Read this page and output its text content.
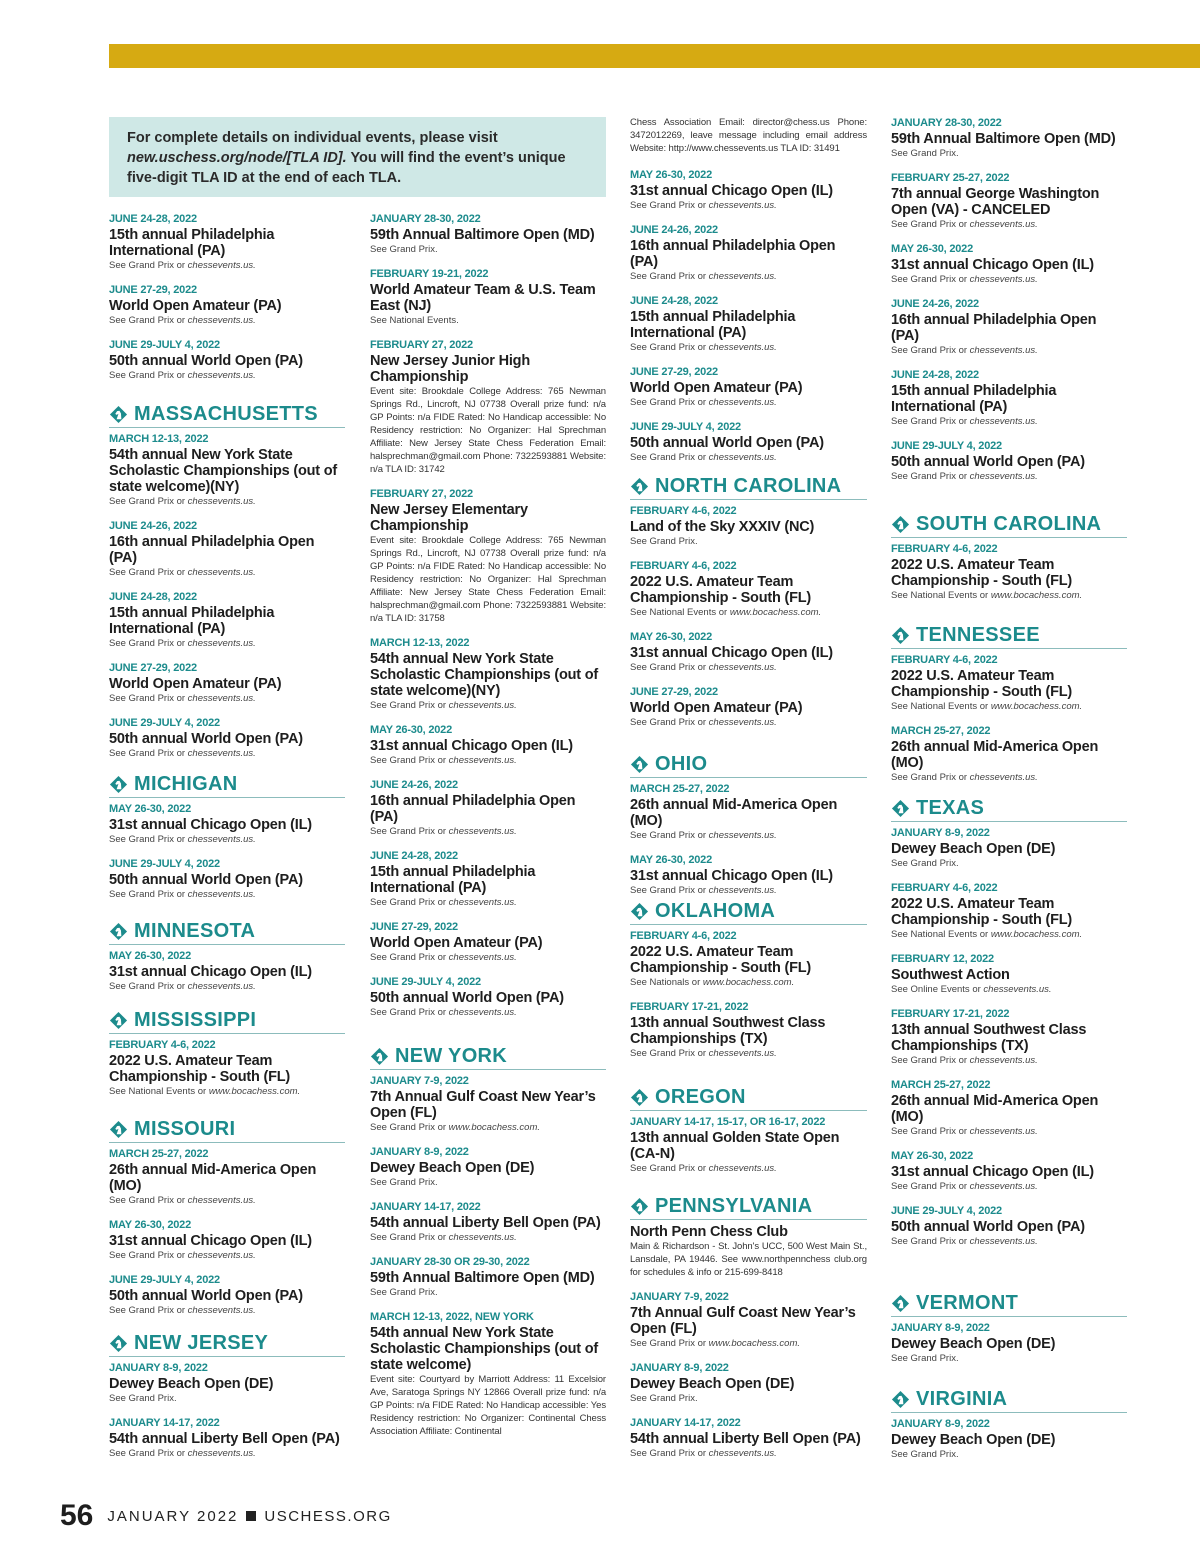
For complete details on individual events, please visit
new.uschess.org/node/[TLA ID]. You will find the event’s unique
five-digit TLA ID at the end of each TLA.
JUNE 24-28, 2022
15th annual Philadelphia International (PA)
See Grand Prix or chessevents.us.
JUNE 27-29, 2022
World Open Amateur (PA)
See Grand Prix or chessevents.us.
JUNE 29-JULY 4, 2022
50th annual World Open (PA)
See Grand Prix or chessevents.us.
MASSACHUSETTS
MARCH 12-13, 2022
54th annual New York State Scholastic Championships (out of state welcome)(NY)
See Grand Prix or chessevents.us.
JUNE 24-26, 2022
16th annual Philadelphia Open (PA)
See Grand Prix or chessevents.us.
JUNE 24-28, 2022
15th annual Philadelphia International (PA)
See Grand Prix or chessevents.us.
JUNE 27-29, 2022
World Open Amateur (PA)
See Grand Prix or chessevents.us.
JUNE 29-JULY 4, 2022
50th annual World Open (PA)
See Grand Prix or chessevents.us.
MICHIGAN
MAY 26-30, 2022
31st annual Chicago Open (IL)
See Grand Prix or chessevents.us.
JUNE 29-JULY 4, 2022
50th annual World Open (PA)
See Grand Prix or chessevents.us.
MINNESOTA
MAY 26-30, 2022
31st annual Chicago Open (IL)
See Grand Prix or chessevents.us.
MISSISSIPPI
FEBRUARY 4-6, 2022
2022 U.S. Amateur Team Championship - South (FL)
See National Events or www.bocachess.com.
MISSOURI
MARCH 25-27, 2022
26th annual Mid-America Open (MO)
See Grand Prix or chessevents.us.
MAY 26-30, 2022
31st annual Chicago Open (IL)
See Grand Prix or chessevents.us.
JUNE 29-JULY 4, 2022
50th annual World Open (PA)
See Grand Prix or chessevents.us.
NEW JERSEY
JANUARY 8-9, 2022
Dewey Beach Open (DE)
See Grand Prix.
JANUARY 14-17, 2022
54th annual Liberty Bell Open (PA)
See Grand Prix or chessevents.us.
JANUARY 28-30, 2022
59th Annual Baltimore Open (MD)
See Grand Prix.
FEBRUARY 19-21, 2022
World Amateur Team & U.S. Team East (NJ)
See National Events.
FEBRUARY 27, 2022
New Jersey Junior High Championship
Event site: Brookdale College Address: 765 Newman Springs Rd., Lincroft, NJ 07738 Overall prize fund: n/a GP Points: n/a FIDE Rated: No Handicap accessible: No Residency restriction: No Organizer: Hal Sprechman Affiliate: New Jersey State Chess Federation Email: halsprechman@gmail.com Phone: 7322593881 Website: n/a TLA ID: 31742
FEBRUARY 27, 2022
New Jersey Elementary Championship
Event site: Brookdale College Address: 765 Newman Springs Rd., Lincroft, NJ 07738 Overall prize fund: n/a GP Points: n/a FIDE Rated: No Handicap accessible: No Residency restriction: No Organizer: Hal Sprechman Affiliate: New Jersey State Chess Federation Email: halsprechman@gmail.com Phone: 7322593881 Website: n/a TLA ID: 31758
MARCH 12-13, 2022
54th annual New York State Scholastic Championships (out of state welcome)(NY)
See Grand Prix or chessevents.us.
MAY 26-30, 2022
31st annual Chicago Open (IL)
See Grand Prix or chessevents.us.
JUNE 24-26, 2022
16th annual Philadelphia Open (PA)
See Grand Prix or chessevents.us.
JUNE 24-28, 2022
15th annual Philadelphia International (PA)
See Grand Prix or chessevents.us.
JUNE 27-29, 2022
World Open Amateur (PA)
See Grand Prix or chessevents.us.
JUNE 29-JULY 4, 2022
50th annual World Open (PA)
See Grand Prix or chessevents.us.
NEW YORK
JANUARY 7-9, 2022
7th Annual Gulf Coast New Year’s Open (FL)
See Grand Prix or www.bocachess.com.
JANUARY 8-9, 2022
Dewey Beach Open (DE)
See Grand Prix.
JANUARY 14-17, 2022
54th annual Liberty Bell Open (PA)
See Grand Prix or chessevents.us.
JANUARY 28-30 OR 29-30, 2022
59th Annual Baltimore Open (MD)
See Grand Prix.
MARCH 12-13, 2022, NEW YORK
54th annual New York State Scholastic Championships (out of state welcome)
Event site: Courtyard by Marriott Address: 11 Excelsior Ave, Saratoga Springs NY 12866 Overall prize fund: n/a GP Points: n/a FIDE Rated: No Handicap accessible: Yes Residency restriction: No Organizer: Continental Chess Association Affiliate: Continental
Chess Association Email: director@chess.us Phone: 3472012269, leave message including email address Website: http://www.chessevents.us TLA ID: 31491
MAY 26-30, 2022
31st annual Chicago Open (IL)
See Grand Prix or chessevents.us.
JUNE 24-26, 2022
16th annual Philadelphia Open (PA)
See Grand Prix or chessevents.us.
JUNE 24-28, 2022
15th annual Philadelphia International (PA)
See Grand Prix or chessevents.us.
JUNE 27-29, 2022
World Open Amateur (PA)
See Grand Prix or chessevents.us.
JUNE 29-JULY 4, 2022
50th annual World Open (PA)
See Grand Prix or chessevents.us.
NORTH CAROLINA
FEBRUARY 4-6, 2022
Land of the Sky XXXIV (NC)
See Grand Prix.
FEBRUARY 4-6, 2022
2022 U.S. Amateur Team Championship - South (FL)
See National Events or www.bocachess.com.
MAY 26-30, 2022
31st annual Chicago Open (IL)
See Grand Prix or chessevents.us.
JUNE 27-29, 2022
World Open Amateur (PA)
See Grand Prix or chessevents.us.
OHIO
MARCH 25-27, 2022
26th annual Mid-America Open (MO)
See Grand Prix or chessevents.us.
MAY 26-30, 2022
31st annual Chicago Open (IL)
See Grand Prix or chessevents.us.
OKLAHOMA
FEBRUARY 4-6, 2022
2022 U.S. Amateur Team Championship - South (FL)
See Nationals or www.bocachess.com.
FEBRUARY 17-21, 2022
13th annual Southwest Class Championships (TX)
See Grand Prix or chessevents.us.
OREGON
JANUARY 14-17, 15-17, OR 16-17, 2022
13th annual Golden State Open (CA-N)
See Grand Prix or chessevents.us.
PENNSYLVANIA
North Penn Chess Club
Main & Richardson - St. John's UCC, 500 West Main St., Lansdale, PA 19446. See www.northpennchess club.org for schedules & info or 215-699-8418
JANUARY 7-9, 2022
7th Annual Gulf Coast New Year’s Open (FL)
See Grand Prix or www.bocachess.com.
JANUARY 8-9, 2022
Dewey Beach Open (DE)
See Grand Prix.
JANUARY 14-17, 2022
54th annual Liberty Bell Open (PA)
See Grand Prix or chessevents.us.
JANUARY 28-30, 2022
59th Annual Baltimore Open (MD)
See Grand Prix.
FEBRUARY 25-27, 2022
7th annual George Washington Open (VA) - CANCELED
See Grand Prix or chessevents.us.
MAY 26-30, 2022
31st annual Chicago Open (IL)
See Grand Prix or chessevents.us.
JUNE 24-26, 2022
16th annual Philadelphia Open (PA)
See Grand Prix or chessevents.us.
JUNE 24-28, 2022
15th annual Philadelphia International (PA)
See Grand Prix or chessevents.us.
JUNE 29-JULY 4, 2022
50th annual World Open (PA)
See Grand Prix or chessevents.us.
SOUTH CAROLINA
FEBRUARY 4-6, 2022
2022 U.S. Amateur Team Championship - South (FL)
See National Events or www.bocachess.com.
TENNESSEE
FEBRUARY 4-6, 2022
2022 U.S. Amateur Team Championship - South (FL)
See National Events or www.bocachess.com.
MARCH 25-27, 2022
26th annual Mid-America Open (MO)
See Grand Prix or chessevents.us.
TEXAS
JANUARY 8-9, 2022
Dewey Beach Open (DE)
See Grand Prix.
FEBRUARY 4-6, 2022
2022 U.S. Amateur Team Championship - South (FL)
See National Events or www.bocachess.com.
FEBRUARY 12, 2022
Southwest Action
See Online Events or chessevents.us.
FEBRUARY 17-21, 2022
13th annual Southwest Class Championships (TX)
See Grand Prix or chessevents.us.
MARCH 25-27, 2022
26th annual Mid-America Open (MO)
See Grand Prix or chessevents.us.
MAY 26-30, 2022
31st annual Chicago Open (IL)
See Grand Prix or chessevents.us.
JUNE 29-JULY 4, 2022
50th annual World Open (PA)
See Grand Prix or chessevents.us.
VERMONT
JANUARY 8-9, 2022
Dewey Beach Open (DE)
See Grand Prix.
VIRGINIA
JANUARY 8-9, 2022
Dewey Beach Open (DE)
See Grand Prix.
56 JANUARY 2022 USCHESS.ORG
